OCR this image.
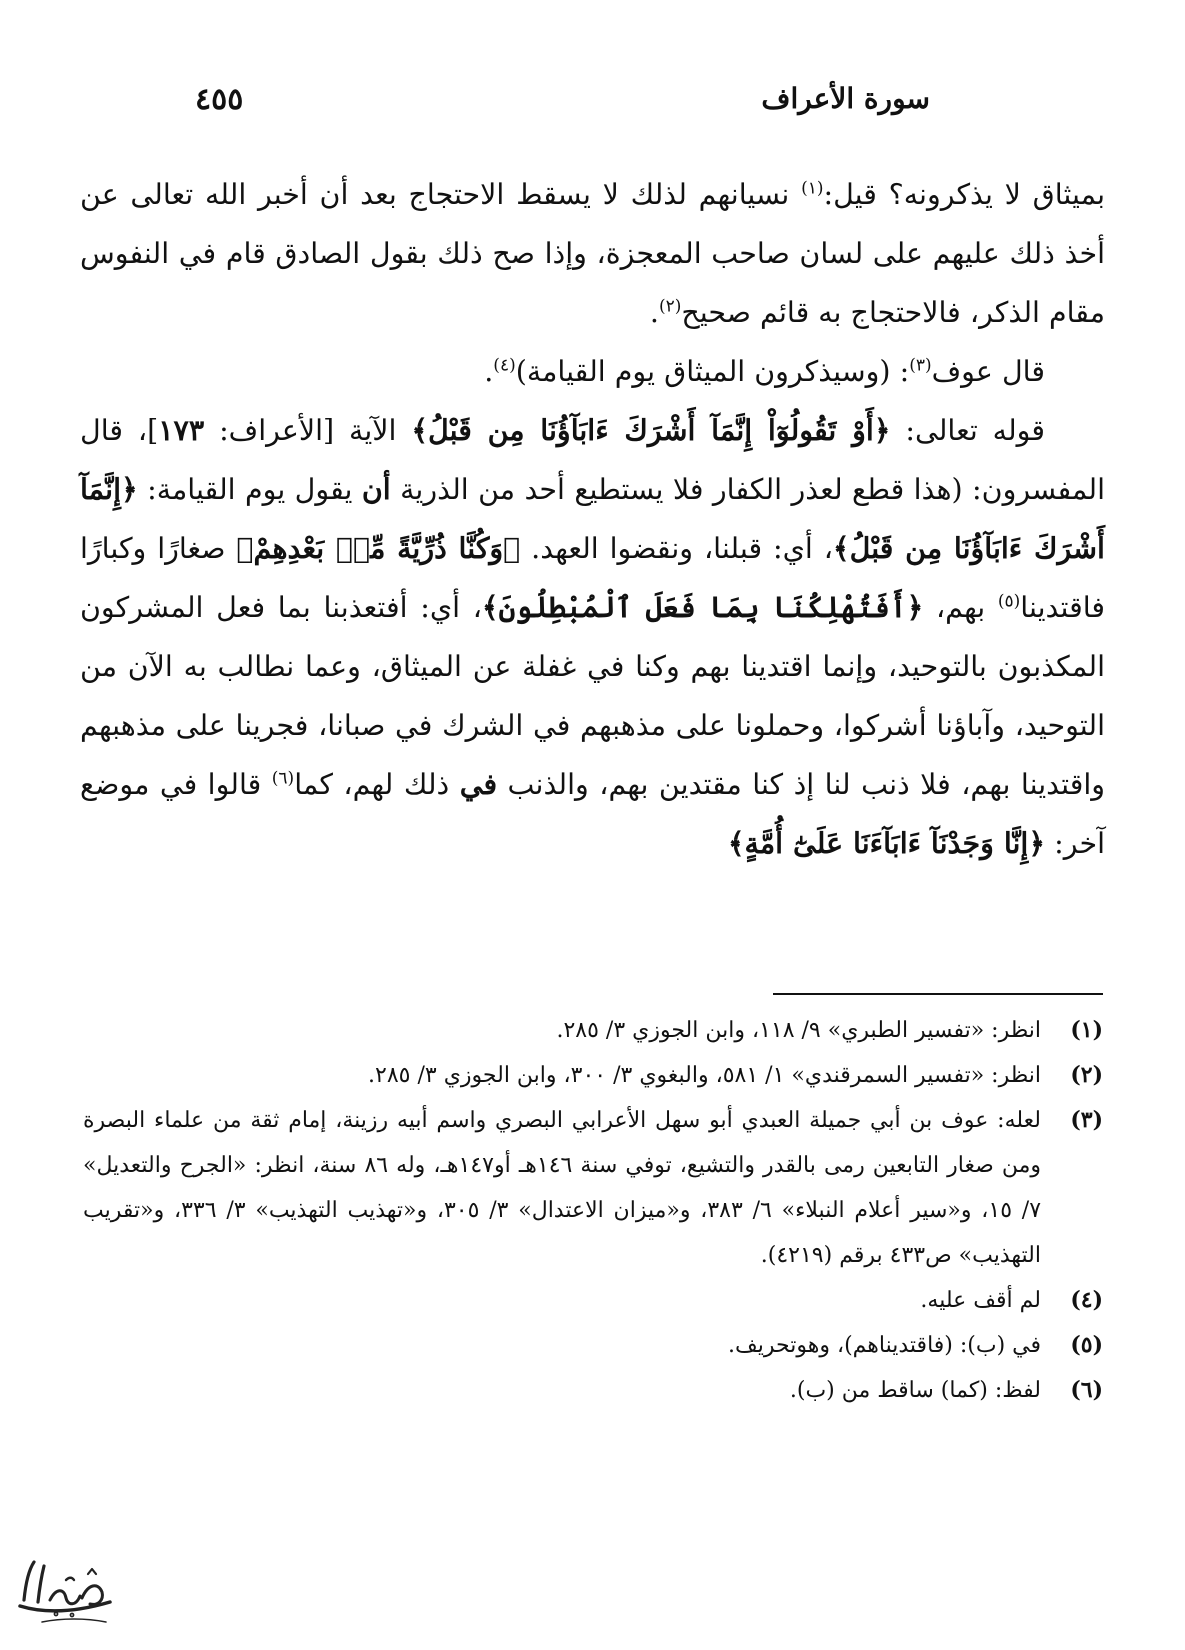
سورة الأعراف
٤٥٥

بميثاق لا يذكرونه؟ قيل:$^{(١)}$ نسيانهم لذلك لا يسقط الاحتجاج بعد أن أخبر الله تعالى عن أخذ ذلك عليهم على لسان صاحب المعجزة، وإذا صح ذلك بقول الصادق قام في النفوس مقام الذكر، فالاحتجاج به قائم صحيح$^{(٢)}$.

قال عوف$^{(٣)}$: (وسيذكرون الميثاق يوم القيامة)$^{(٤)}$.

قوله تعالى: ﴿أَوْ تَقُولُوٓاْ إِنَّمَآ أَشْرَكَ ءَابَآؤُنَا مِن قَبْلُ﴾ الآية [الأعراف: ١٧٣]، قال المفسرون: (هذا قطع لعذر الكفار فلا يستطيع أحد من الذرية أن يقول يوم القيامة: ﴿إِنَّمَآ أَشْرَكَ ءَابَآؤُنَا مِن قَبْلُ﴾، أي: قبلنا، ونقضوا العهد. ﴿وَكُنَّا ذُرِّيَّةً مِّنۢ بَعْدِهِمْ﴾ صغارًا وكبارًا فاقتدينا$^{(٥)}$ بهم، ﴿أَفَتُهْلِكُنَا بِمَا فَعَلَ ٱلْمُبْطِلُونَ﴾، أي: أفتعذبنا بما فعل المشركون المكذبون بالتوحيد، وإنما اقتدينا بهم وكنا في غفلة عن الميثاق، وعما نطالب به الآن من التوحيد، وآباؤنا أشركوا، وحملونا على مذهبهم في الشرك في صبانا، فجرينا على مذهبهم واقتدينا بهم، فلا ذنب لنا إذ كنا مقتدين بهم، والذنب في ذلك لهم، كما$^{(٦)}$ قالوا في موضع آخر: ﴿إِنَّا وَجَدْنَآ ءَابَآءَنَا عَلَىٰٓ أُمَّةٍ﴾

(١)
انظر: «تفسير الطبري» ٩/ ١١٨، وابن الجوزي ٣/ ٢٨٥.
(٢)
انظر: «تفسير السمرقندي» ١/ ٥٨١، والبغوي ٣/ ٣٠٠، وابن الجوزي ٣/ ٢٨٥.
(٣)
لعله: عوف بن أبي جميلة العبدي أبو سهل الأعرابي البصري واسم أبيه رزينة، إمام ثقة من علماء البصرة ومن صغار التابعين رمى بالقدر والتشيع، توفي سنة ١٤٦هـ أو١٤٧هـ، وله ٨٦ سنة، انظر: «الجرح والتعديل» ٧/ ١٥، و«سير أعلام النبلاء» ٦/ ٣٨٣، و«ميزان الاعتدال» ٣/ ٣٠٥، و«تهذيب التهذيب» ٣/ ٣٣٦، و«تقريب التهذيب» ص٤٣٣ برقم (٤٢١٩).
(٤)
لم أقف عليه.
(٥)
في (ب): (فاقتديناهم)، وهوتحريف.
(٦)
لفظ: (كما) ساقط من (ب).
